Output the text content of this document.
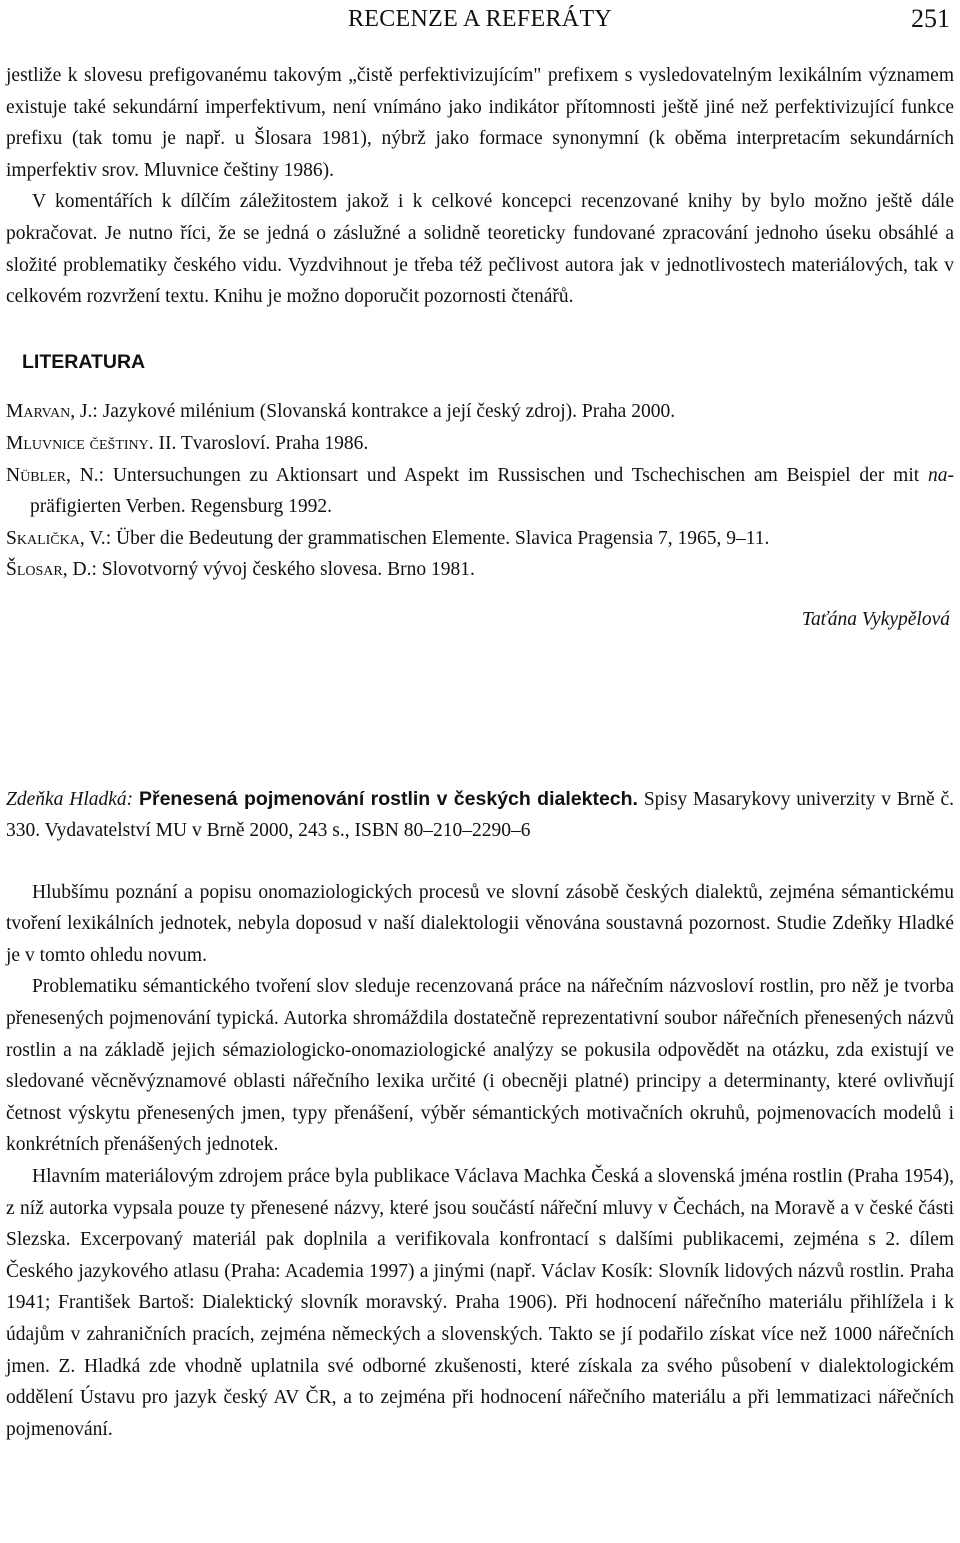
RECENZE A REFERÁTY	251

jestliže k slovesu prefigovanému takovým „čistě perfektivizujícím" prefixem s vysledovatelným lexikálním významem existuje také sekundární imperfektivum, není vnímáno jako indikátor přítomnosti ještě jiné než perfektivizující funkce prefixu (tak tomu je např. u Šlosara 1981), nýbrž jako formace synonymní (k oběma interpretacím sekundárních imperfektiv srov. Mluvnice češtiny 1986).

V komentářích k dílčím záležitostem jakož i k celkové koncepci recenzované knihy by bylo možno ještě dále pokračovat. Je nutno říci, že se jedná o záslužné a solidně teoreticky fundované zpracování jednoho úseku obsáhlé a složité problematiky českého vidu. Vyzdvihnout je třeba též pečlivost autora jak v jednotlivostech materiálových, tak v celkovém rozvržení textu. Knihu je možno doporučit pozornosti čtenářů.

LITERATURA
Marvan, J.: Jazykové milénium (Slovanská kontrakce a její český zdroj). Praha 2000.
Mluvnice češtiny. II. Tvarosloví. Praha 1986.
Nübler, N.: Untersuchungen zu Aktionsart und Aspekt im Russischen und Tschechischen am Beispiel der mit na- präfigierten Verben. Regensburg 1992.
Skalička, V.: Über die Bedeutung der grammatischen Elemente. Slavica Pragensia 7, 1965, 9–11.
Šlosar, D.: Slovotvorný vývoj českého slovesa. Brno 1981.
Taťána Vykypělová

Zdeňka Hladká: Přenesená pojmenování rostlin v českých dialektech. Spisy Masarykovy univerzity v Brně č. 330. Vydavatelství MU v Brně 2000, 243 s., ISBN 80–210–2290–6

Hlubšímu poznání a popisu onomaziologických procesů ve slovní zásobě českých dialektů, zejména sémantickému tvoření lexikálních jednotek, nebyla doposud v naší dialektologii věnována soustavná pozornost. Studie Zdeňky Hladké je v tomto ohledu novum.

Problematiku sémantického tvoření slov sleduje recenzovaná práce na nářečním názvosloví rostlin, pro něž je tvorba přenesených pojmenování typická. Autorka shromáždila dostatečně reprezentativní soubor nářečních přenesených názvů rostlin a na základě jejich sémaziologicko-onomaziologické analýzy se pokusila odpovědět na otázku, zda existují ve sledované věcněvýznamové oblasti nářečního lexika určité (i obecněji platné) principy a determinanty, které ovlivňují četnost výskytu přenesených jmen, typy přenášení, výběr sémantických motivačních okruhů, pojmenovacích modelů i konkrétních přenášených jednotek.

Hlavním materiálovým zdrojem práce byla publikace Václava Machka Česká a slovenská jména rostlin (Praha 1954), z níž autorka vypsala pouze ty přenesené názvy, které jsou součástí nářeční mluvy v Čechách, na Moravě a v české části Slezska. Excerpovaný materiál pak doplnila a verifikovala konfrontací s dalšími publikacemi, zejména s 2. dílem Českého jazykového atlasu (Praha: Academia 1997) a jinými (např. Václav Kosík: Slovník lidových názvů rostlin. Praha 1941; František Bartoš: Dialektický slovník moravský. Praha 1906). Při hodnocení nářečního materiálu přihlížela i k údajům v zahraničních pracích, zejména německých a slovenských. Takto se jí podařilo získat více než 1000 nářečních jmen. Z. Hladká zde vhodně uplatnila své odborné zkušenosti, které získala za svého působení v dialektologickém oddělení Ústavu pro jazyk český AV ČR, a to zejména při hodnocení nářečního materiálu a při lemmatizaci nářečních pojmenování.
